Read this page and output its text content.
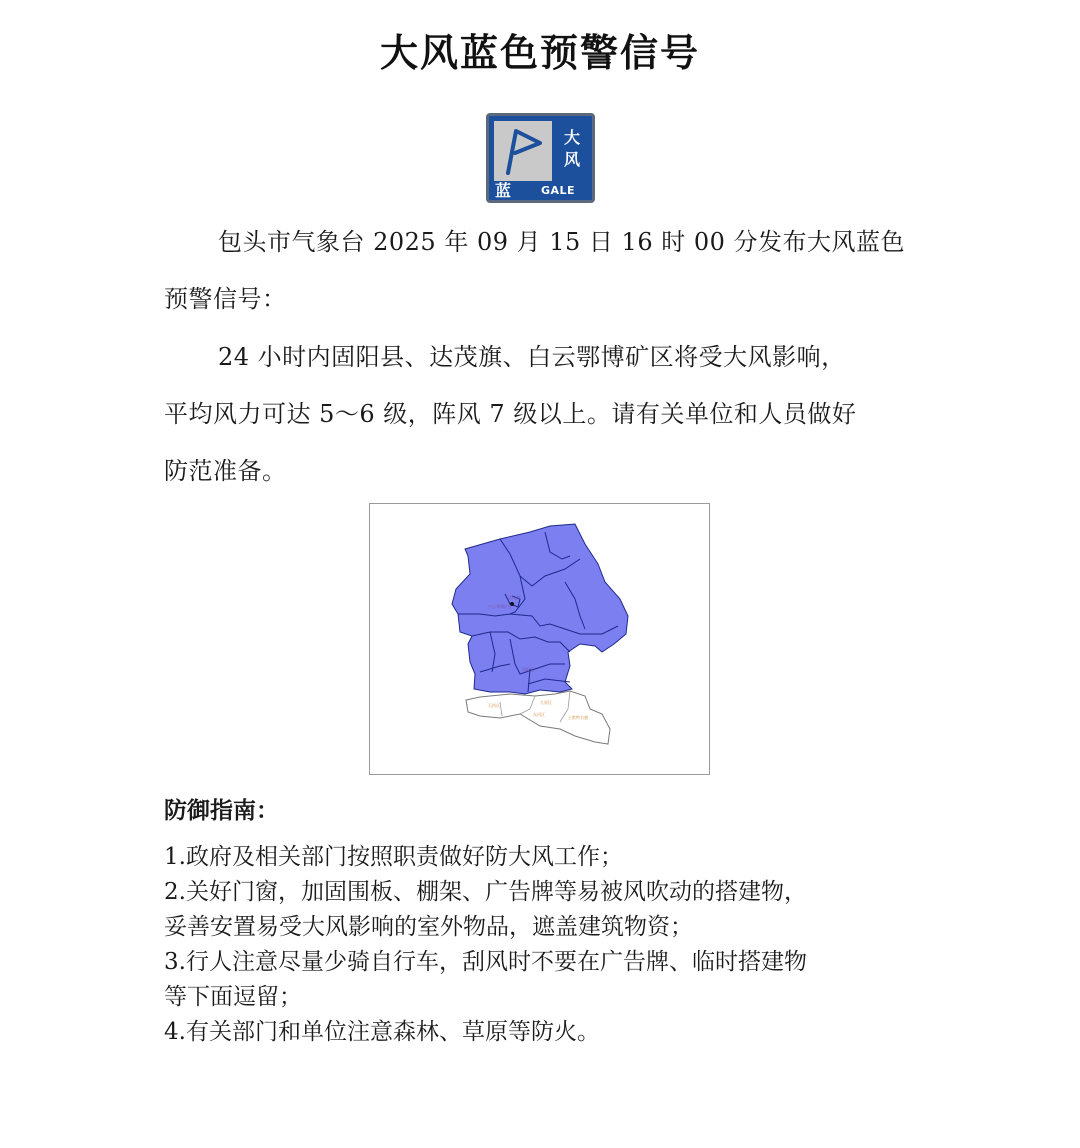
大风蓝色预警信号
大
风
蓝	GALE
包头市气象台 2025 年 09 月 15 日 16 时 00 分发布大风蓝色
预警信号：
24 小时内固阳县、达茂旗、白云鄂博矿区将受大风影响，
平均风力可达 5～6 级，阵风 7 级以上。请有关单位和人员做好
防范准备。
达茂旗
白云鄂博矿区
固阳县
石拐区
九原区
东河区
土默特右旗
防御指南：
1.政府及相关部门按照职责做好防大风工作；
2.关好门窗，加固围板、棚架、广告牌等易被风吹动的搭建物，
妥善安置易受大风影响的室外物品，遮盖建筑物资；
3.行人注意尽量少骑自行车，刮风时不要在广告牌、临时搭建物
等下面逗留；
4.有关部门和单位注意森林、草原等防火。
